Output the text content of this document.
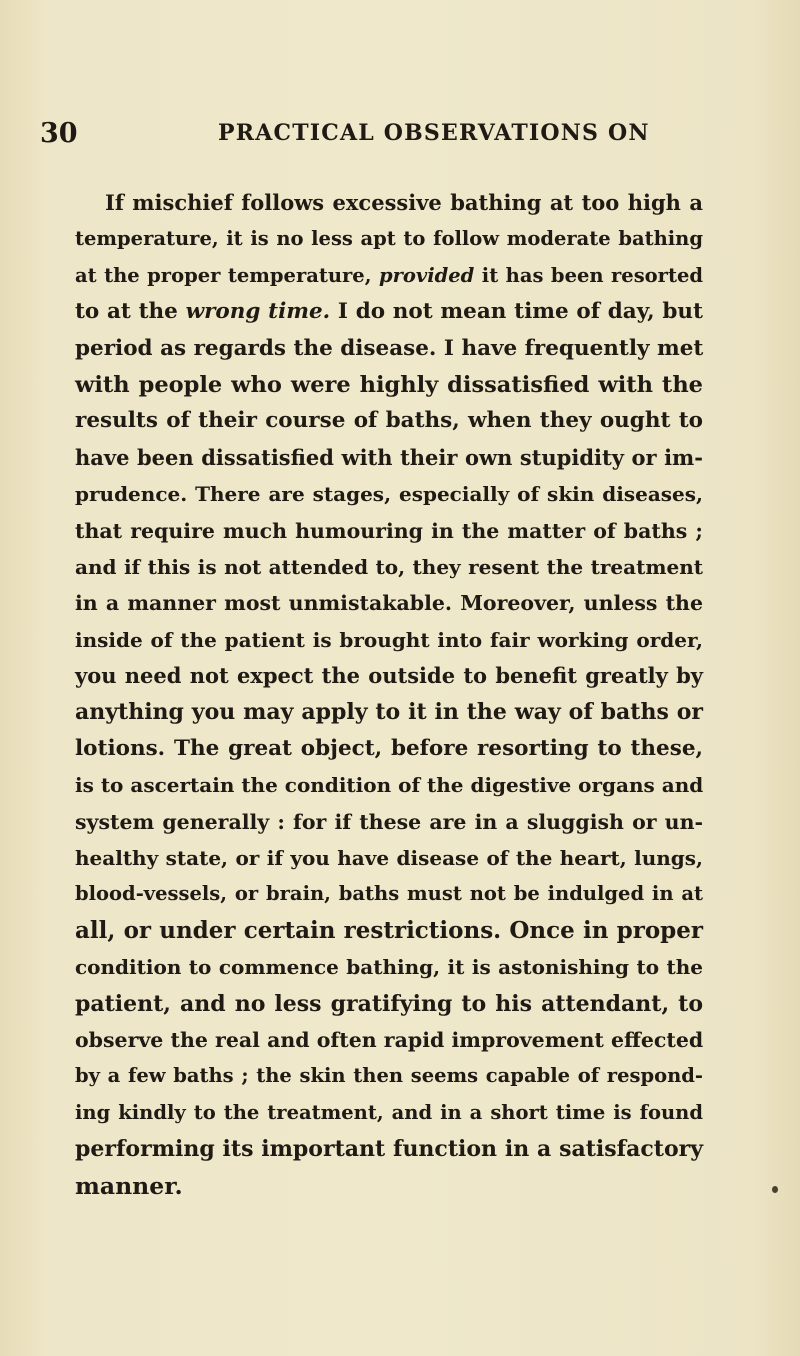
30	PRACTICAL OBSERVATIONS ON
If mischief follows excessive bathing at too high a
temperature, it is no less apt to follow moderate bathing
at the proper temperature, provided it has been resorted
to at the wrong time. I do not mean time of day, but
period as regards the disease. I have frequently met
with people who were highly dissatisfied with the
results of their course of baths, when they ought to
have been dissatisfied with their own stupidity or im-
prudence. There are stages, especially of skin diseases,
that require much humouring in the matter of baths ;
and if this is not attended to, they resent the treatment
in a manner most unmistakable. Moreover, unless the
inside of the patient is brought into fair working order,
you need not expect the outside to benefit greatly by
anything you may apply to it in the way of baths or
lotions. The great object, before resorting to these,
is to ascertain the condition of the digestive organs and
system generally : for if these are in a sluggish or un-
healthy state, or if you have disease of the heart, lungs,
blood-vessels, or brain, baths must not be indulged in at
all, or under certain restrictions. Once in proper
condition to commence bathing, it is astonishing to the
patient, and no less gratifying to his attendant, to
observe the real and often rapid improvement effected
by a few baths ; the skin then seems capable of respond-
ing kindly to the treatment, and in a short time is found
performing its important function in a satisfactory
manner.
